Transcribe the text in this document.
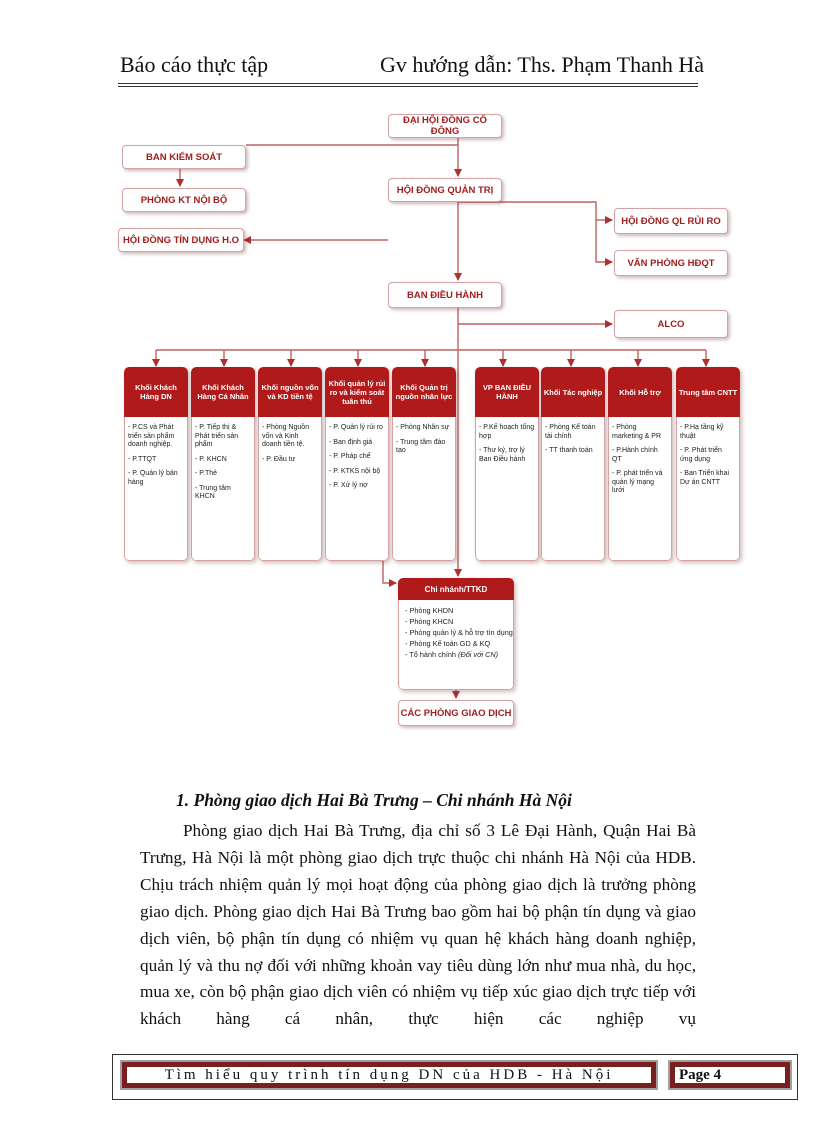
Báo cáo thực tập	Gv hướng dẫn: Ths. Phạm Thanh Hà
ĐẠI HỘI ĐỒNG CỔ ĐÔNG
BAN KIỂM SOÁT
PHÒNG KT NỘI BỘ
HỘI ĐỒNG QUẢN TRỊ
HỘI ĐỒNG TÍN DỤNG H.O
HỘI ĐỒNG QL RỦI RO
VĂN PHÒNG HĐQT
BAN ĐIỀU HÀNH
ALCO
Khối Khách Hàng DN
- P.CS và Phát triển sản phẩm doanh nghiệp.
- P.TTQT
- P. Quản lý bán hàng
Khối Khách Hàng Cá Nhân
- P. Tiếp thị & Phát triển sản phẩm
- P. KHCN
- P.Thẻ
- Trung tâm KHCN
Khối nguồn vốn và KD tiền tệ
- Phòng Nguồn vốn và Kinh doanh tiền tệ.
- P. Đầu tư
Khối quản lý rủi ro và kiểm soát tuân thủ
- P. Quản lý rủi ro
- Ban định giá
- P. Pháp chế
- P. KTKS nội bộ
- P. Xử lý nợ
Khối Quản trị nguồn nhân lực
- Phòng Nhân sự
- Trung tâm đào tạo
VP BAN ĐIỀU HÀNH
- P.Kế hoạch tổng hợp
- Thư ký, trợ lý Ban Điều hành
Khối Tác nghiệp
- Phòng Kế toán tài chính
- TT thanh toán
Khối Hỗ trợ
- Phòng marketing & PR
- P.Hành chính QT
- P. phát triển và quản lý mạng lưới
Trung tâm CNTT
- P.Hạ tầng kỹ thuật
- P. Phát triển ứng dụng
- Ban Triển khai Dự án CNTT
Chi nhánh/TTKD
- Phòng KHDN
- Phòng KHCN
- Phòng quản lý & hỗ trợ tín dụng
- Phòng Kế toán GD & KQ
- Tổ hành chính (Đối với CN)
CÁC PHÒNG GIAO DỊCH
1. Phòng giao dịch Hai Bà Trưng – Chi nhánh Hà Nội

Phòng giao dịch Hai Bà Trưng, địa chỉ số 3 Lê Đại Hành, Quận Hai Bà Trưng, Hà Nội là một phòng giao dịch trực thuộc chi nhánh Hà Nội của HDB. Chịu trách nhiệm quản lý mọi hoạt động của phòng giao dịch là trưởng phòng giao dịch. Phòng giao dịch Hai Bà Trưng bao gồm hai bộ phận tín dụng và giao dịch viên, bộ phận tín dụng có nhiệm vụ quan hệ khách hàng doanh nghiệp, quản lý và thu nợ đối với những khoản vay tiêu dùng lớn như mua nhà, du học, mua xe, còn bộ phận giao dịch viên có nhiệm vụ tiếp xúc giao dịch trực tiếp với khách hàng cá nhân, thực hiện các nghiệp vụ

Tìm hiểu quy trình tín dụng DN của HDB - Hà Nội	Page 4
